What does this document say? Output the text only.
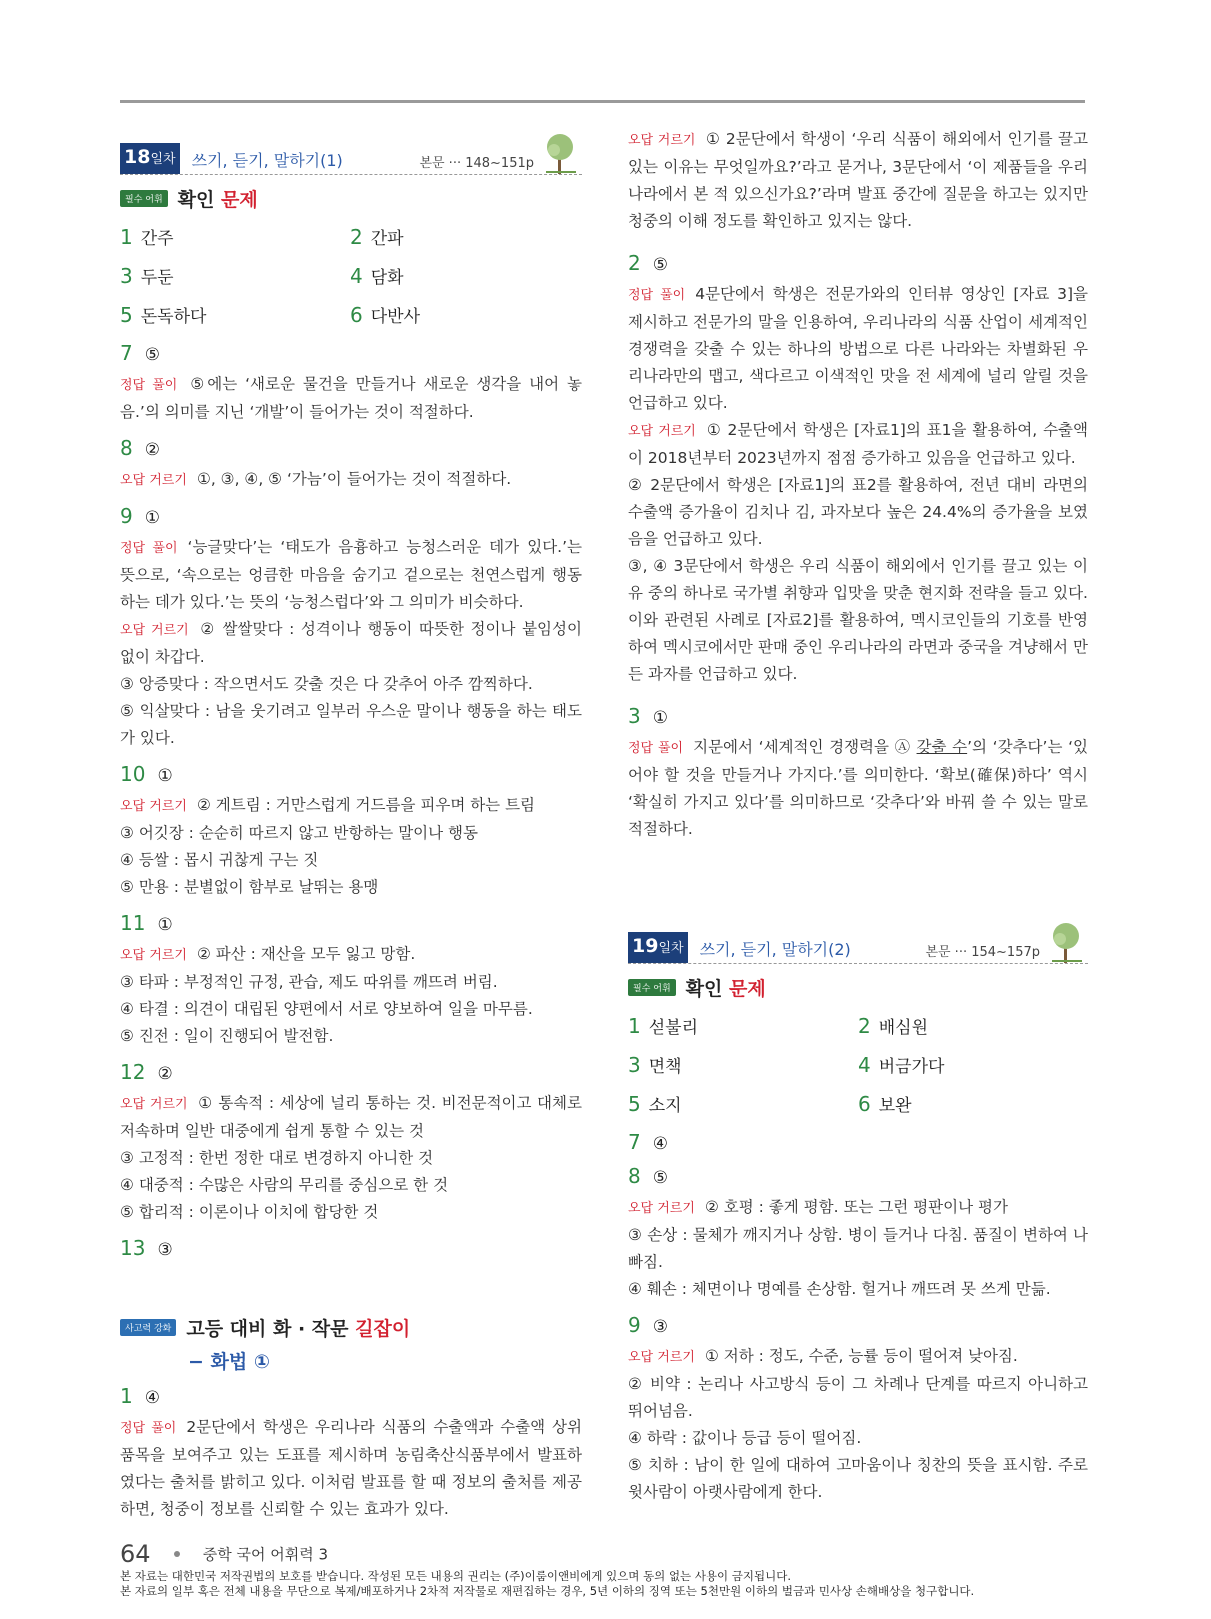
18일차 쓰기, 듣기, 말하기(1)	본문 ··· 148~151p
필수 어휘 확인 문제
1 간주	2 간파
3 두둔	4 담화
5 돈독하다	6 다반사
7 ⑤

정답 풀이 ⑤에는 ‘새로운 물건을 만들거나 새로운 생각을 내어 놓음.’의 의미를 지닌 ‘개발’이 들어가는 것이 적절하다.

8 ②

오답 거르기 ①, ③, ④, ⑤ ‘가늠’이 들어가는 것이 적절하다.

9 ①

정답 풀이 ‘능글맞다’는 ‘태도가 음흉하고 능청스러운 데가 있다.’는 뜻으로, ‘속으로는 엉큼한 마음을 숨기고 겉으로는 천연스럽게 행동하는 데가 있다.’는 뜻의 ‘능청스럽다’와 그 의미가 비슷하다.

오답 거르기 ② 쌀쌀맞다 : 성격이나 행동이 따뜻한 정이나 붙임성이 없이 차갑다.

③ 앙증맞다 : 작으면서도 갖출 것은 다 갖추어 아주 깜찍하다.

⑤ 익살맞다 : 남을 웃기려고 일부러 우스운 말이나 행동을 하는 태도가 있다.

10 ①

오답 거르기 ② 게트림 : 거만스럽게 거드름을 피우며 하는 트림

③ 어깃장 : 순순히 따르지 않고 반항하는 말이나 행동

④ 등쌀 : 몹시 귀찮게 구는 짓

⑤ 만용 : 분별없이 함부로 날뛰는 용맹

11 ①

오답 거르기 ② 파산 : 재산을 모두 잃고 망함.

③ 타파 : 부정적인 규정, 관습, 제도 따위를 깨뜨려 버림.

④ 타결 : 의견이 대립된 양편에서 서로 양보하여 일을 마무름.

⑤ 진전 : 일이 진행되어 발전함.

12 ②

오답 거르기 ① 통속적 : 세상에 널리 통하는 것. 비전문적이고 대체로 저속하며 일반 대중에게 쉽게 통할 수 있는 것

③ 고정적 : 한번 정한 대로 변경하지 아니한 것

④ 대중적 : 수많은 사람의 무리를 중심으로 한 것

⑤ 합리적 : 이론이나 이치에 합당한 것

13 ③
사고력 강화 고등 대비 화 · 작문 길잡이
− 화법 ①
1 ④

정답 풀이 2문단에서 학생은 우리나라 식품의 수출액과 수출액 상위 품목을 보여주고 있는 도표를 제시하며 농림축산식품부에서 발표하였다는 출처를 밝히고 있다. 이처럼 발표를 할 때 정보의 출처를 제공하면, 청중이 정보를 신뢰할 수 있는 효과가 있다.

오답 거르기 ① 2문단에서 학생이 ‘우리 식품이 해외에서 인기를 끌고 있는 이유는 무엇일까요?’라고 묻거나, 3문단에서 ‘이 제품들을 우리나라에서 본 적 있으신가요?’라며 발표 중간에 질문을 하고는 있지만 청중의 이해 정도를 확인하고 있지는 않다.

2 ⑤

정답 풀이 4문단에서 학생은 전문가와의 인터뷰 영상인 [자료 3]을 제시하고 전문가의 말을 인용하여, 우리나라의 식품 산업이 세계적인 경쟁력을 갖출 수 있는 하나의 방법으로 다른 나라와는 차별화된 우리나라만의 맵고, 색다르고 이색적인 맛을 전 세계에 널리 알릴 것을 언급하고 있다.

오답 거르기 ① 2문단에서 학생은 [자료1]의 표1을 활용하여, 수출액이 2018년부터 2023년까지 점점 증가하고 있음을 언급하고 있다.

② 2문단에서 학생은 [자료1]의 표2를 활용하여, 전년 대비 라면의 수출액 증가율이 김치나 김, 과자보다 높은 24.4%의 증가율을 보였음을 언급하고 있다.

③, ④ 3문단에서 학생은 우리 식품이 해외에서 인기를 끌고 있는 이유 중의 하나로 국가별 취향과 입맛을 맞춘 현지화 전략을 들고 있다. 이와 관련된 사례로 [자료2]를 활용하여, 멕시코인들의 기호를 반영하여 멕시코에서만 판매 중인 우리나라의 라면과 중국을 겨냥해서 만든 과자를 언급하고 있다.

3 ①

정답 풀이 지문에서 ‘세계적인 경쟁력을 Ⓐ 갖출 수’의 ‘갖추다’는 ‘있어야 할 것을 만들거나 가지다.’를 의미한다. ‘확보(確保)하다’ 역시 ‘확실히 가지고 있다’를 의미하므로 ‘갖추다’와 바꿔 쓸 수 있는 말로 적절하다.

19일차 쓰기, 듣기, 말하기(2)	본문 ··· 154~157p
필수 어휘 확인 문제
1 섣불리	2 배심원
3 면책	4 버금가다
5 소지	6 보완
7 ④
8 ⑤

오답 거르기 ② 호평 : 좋게 평함. 또는 그런 평판이나 평가

③ 손상 : 물체가 깨지거나 상함. 병이 들거나 다침. 품질이 변하여 나빠짐.

④ 훼손 : 체면이나 명예를 손상함. 헐거나 깨뜨려 못 쓰게 만듦.

9 ③

오답 거르기 ① 저하 : 정도, 수준, 능률 등이 떨어져 낮아짐.

② 비약 : 논리나 사고방식 등이 그 차례나 단계를 따르지 아니하고 뛰어넘음.

④ 하락 : 값이나 등급 등이 떨어짐.

⑤ 치하 : 남이 한 일에 대하여 고마움이나 칭찬의 뜻을 표시함. 주로 윗사람이 아랫사람에게 한다.

64	중학 국어 어휘력 3
본 자료는 대한민국 저작권법의 보호를 받습니다. 작성된 모든 내용의 권리는 (주)이룸이앤비에게 있으며 동의 없는 사용이 금지됩니다.
본 자료의 일부 혹은 전체 내용을 무단으로 복제/배포하거나 2차적 저작물로 재편집하는 경우, 5년 이하의 징역 또는 5천만원 이하의 벌금과 민사상 손해배상을 청구합니다.
